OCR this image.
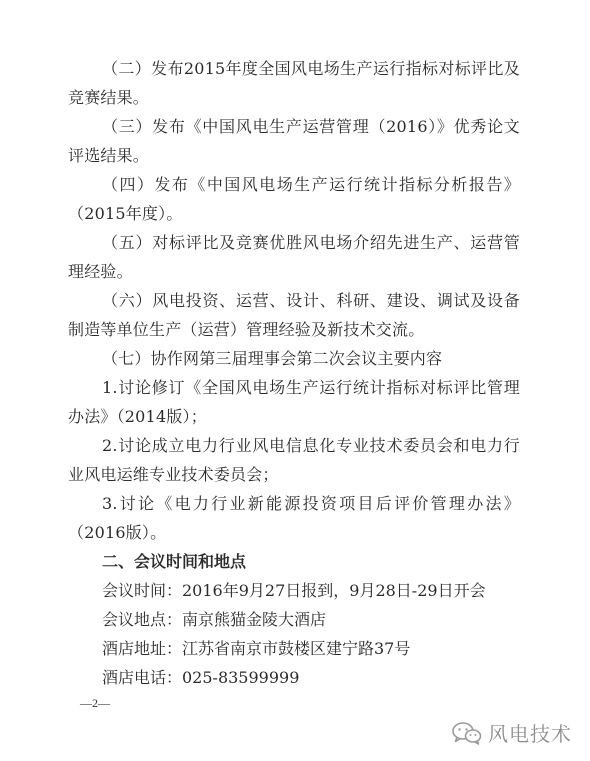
（二）发布2015年度全国风电场生产运行指标对标评比及竞赛结果。

（三）发布《中国风电生产运营管理（2016）》优秀论文评选结果。

（四）发布《中国风电场生产运行统计指标分析报告》（2015年度）。

（五）对标评比及竞赛优胜风电场介绍先进生产、运营管理经验。

（六）风电投资、运营、设计、科研、建设、调试及设备制造等单位生产（运营）管理经验及新技术交流。

（七）协作网第三届理事会第二次会议主要内容

1.讨论修订《全国风电场生产运行统计指标对标评比管理办法》（2014版）；

2.讨论成立电力行业风电信息化专业技术委员会和电力行业风电运维专业技术委员会；

3.讨论《电力行业新能源投资项目后评价管理办法》（2016版）。

二、会议时间和地点

会议时间：2016年9月27日报到，9月28日-29日开会

会议地点：南京熊猫金陵大酒店

酒店地址：江苏省南京市鼓楼区建宁路37号

酒店电话：025-83599999

—2—
风电技术
